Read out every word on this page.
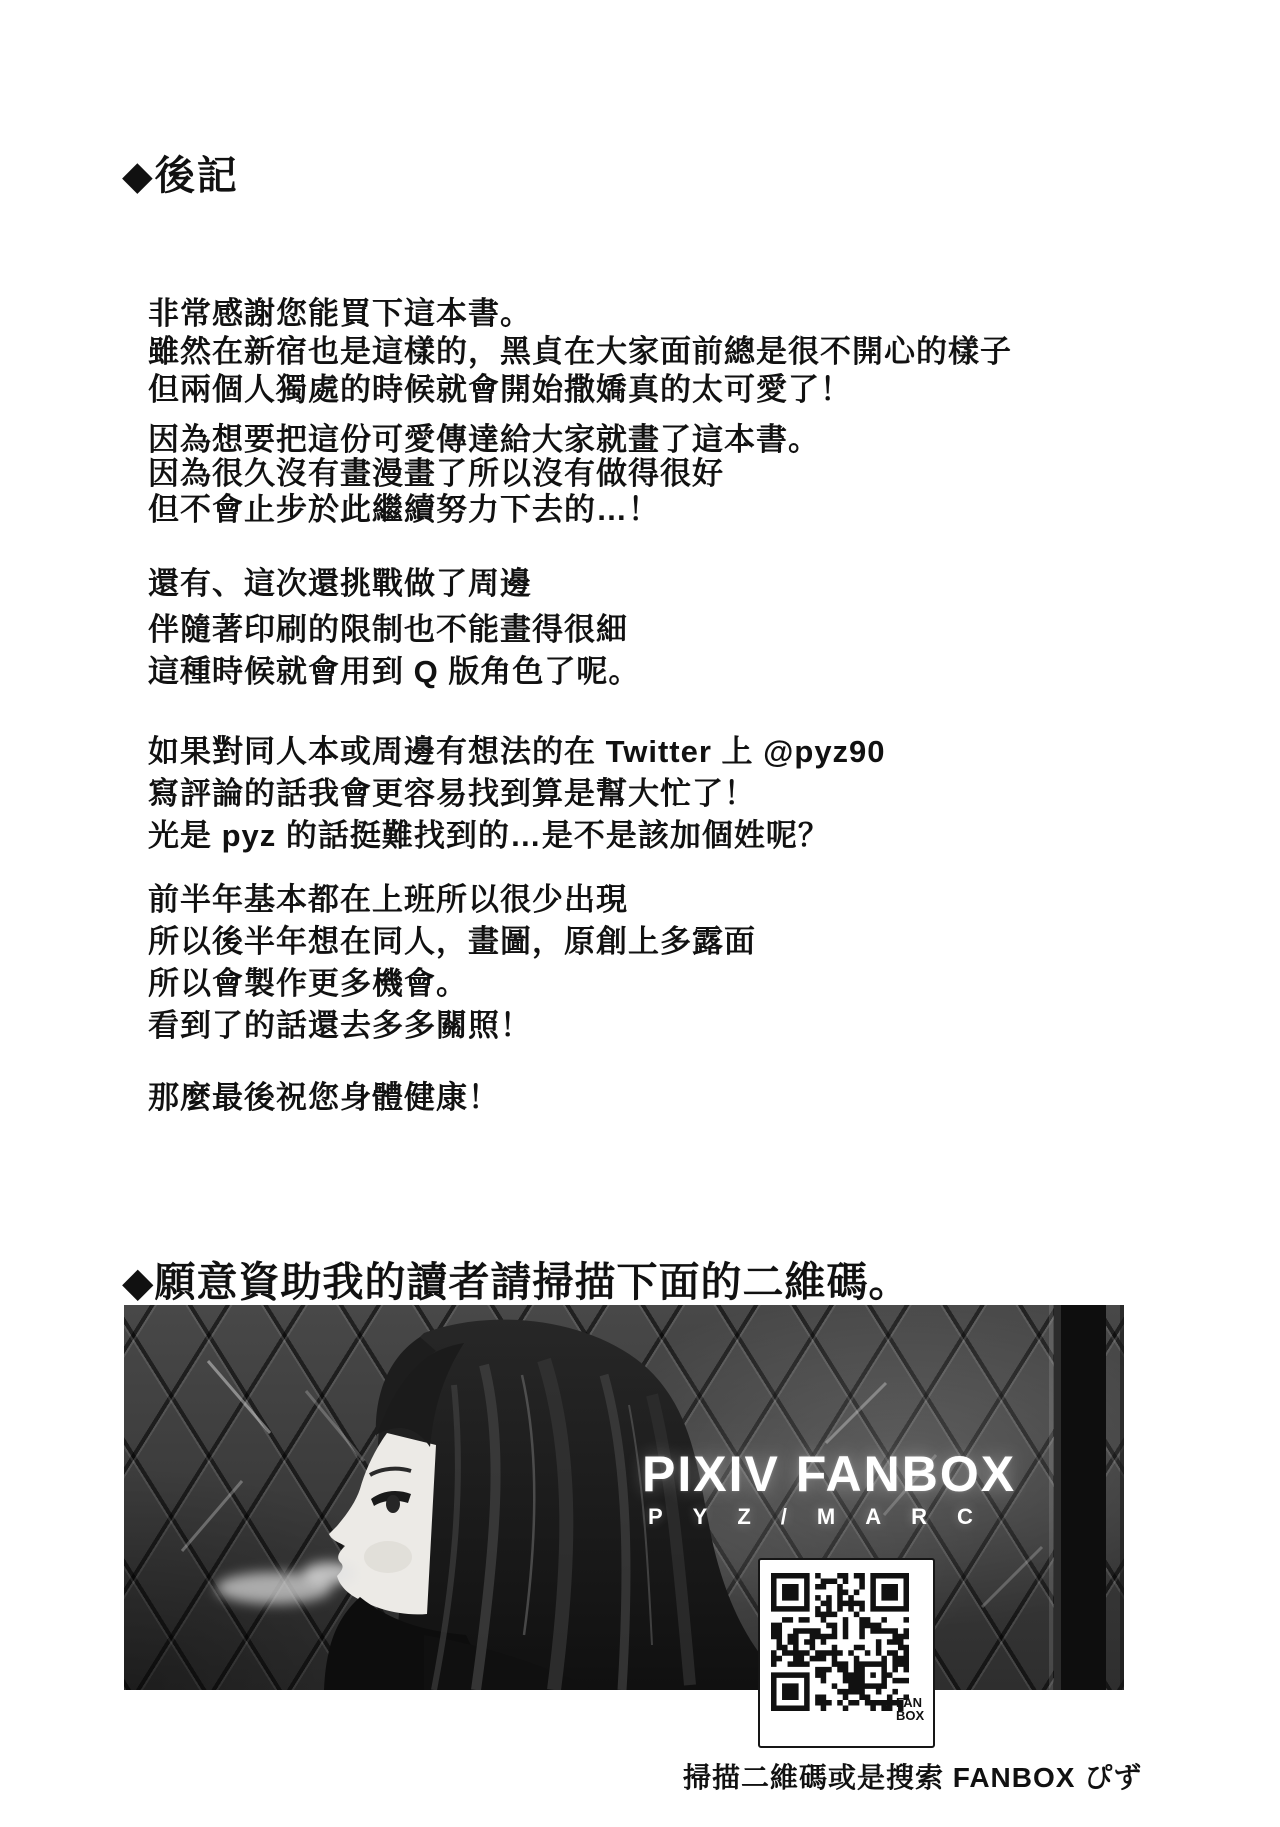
◆後記
非常感謝您能買下這本書。
雖然在新宿也是這樣的，黑貞在大家面前總是很不開心的樣子
但兩個人獨處的時候就會開始撒嬌真的太可愛了！
因為想要把這份可愛傳達給大家就畫了這本書。
因為很久沒有畫漫畫了所以沒有做得很好
但不會止步於此繼續努力下去的…！
還有、這次還挑戰做了周邊
伴隨著印刷的限制也不能畫得很細
這種時候就會用到 Q 版角色了呢。
如果對同人本或周邊有想法的在 Twitter 上 @pyz90
寫評論的話我會更容易找到算是幫大忙了！
光是 pyz 的話挺難找到的…是不是該加個姓呢？
前半年基本都在上班所以很少出現
所以後半年想在同人，畫圖，原創上多露面
所以會製作更多機會。
看到了的話還去多多關照！
那麼最後祝您身體健康！
◆願意資助我的讀者請掃描下面的二維碼。
PIXIV FANBOX
PYZ/MARC
FAN
BOX
掃描二維碼或是搜索 FANBOX ぴず
